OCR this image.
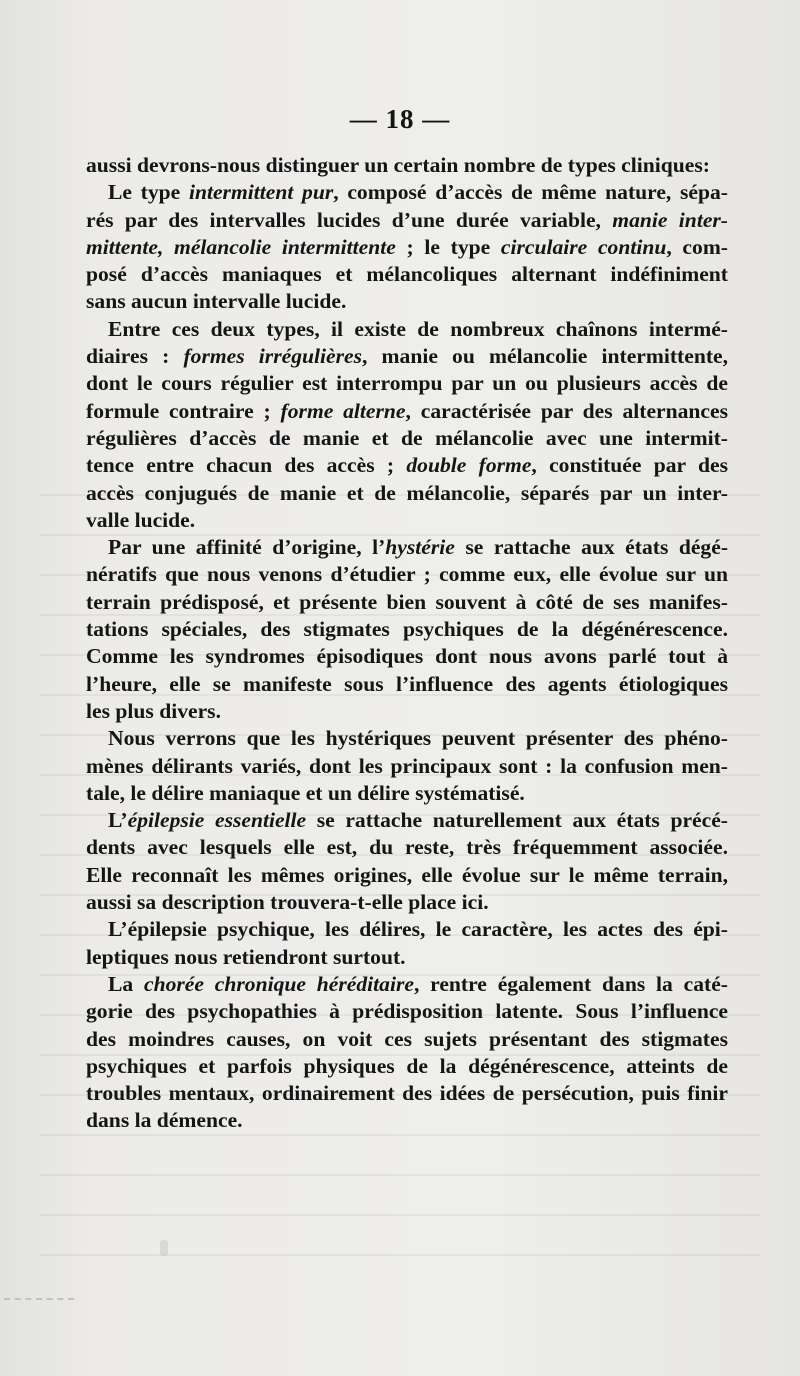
— 18 —

aussi devrons-nous distinguer un certain nombre de types cliniques:

Le type intermittent pur, composé d’accès de même nature, sépa-
rés par des intervalles lucides d’une durée variable, manie inter-
mittente, mélancolie intermittente ; le type circulaire continu, com-
posé d’accès maniaques et mélancoliques alternant indéfiniment
sans aucun intervalle lucide.

Entre ces deux types, il existe de nombreux chaînons intermé-
diaires : formes irrégulières, manie ou mélancolie intermittente,
dont le cours régulier est interrompu par un ou plusieurs accès de
formule contraire ; forme alterne, caractérisée par des alternances
régulières d’accès de manie et de mélancolie avec une intermit-
tence entre chacun des accès ; double forme, constituée par des
accès conjugués de manie et de mélancolie, séparés par un inter-
valle lucide.

Par une affinité d’origine, l’hystérie se rattache aux états dégé-
nératifs que nous venons d’étudier ; comme eux, elle évolue sur un
terrain prédisposé, et présente bien souvent à côté de ses manifes-
tations spéciales, des stigmates psychiques de la dégénérescence.
Comme les syndromes épisodiques dont nous avons parlé tout à
l’heure, elle se manifeste sous l’influence des agents étiologiques
les plus divers.

Nous verrons que les hystériques peuvent présenter des phéno-
mènes délirants variés, dont les principaux sont : la confusion men-
tale, le délire maniaque et un délire systématisé.

L’épilepsie essentielle se rattache naturellement aux états précé-
dents avec lesquels elle est, du reste, très fréquemment associée.
Elle reconnaît les mêmes origines, elle évolue sur le même terrain,
aussi sa description trouvera-t-elle place ici.

L’épilepsie psychique, les délires, le caractère, les actes des épi-
leptiques nous retiendront surtout.

La chorée chronique héréditaire, rentre également dans la caté-
gorie des psychopathies à prédisposition latente. Sous l’influence
des moindres causes, on voit ces sujets présentant des stigmates
psychiques et parfois physiques de la dégénérescence, atteints de
troubles mentaux, ordinairement des idées de persécution, puis finir
dans la démence.
